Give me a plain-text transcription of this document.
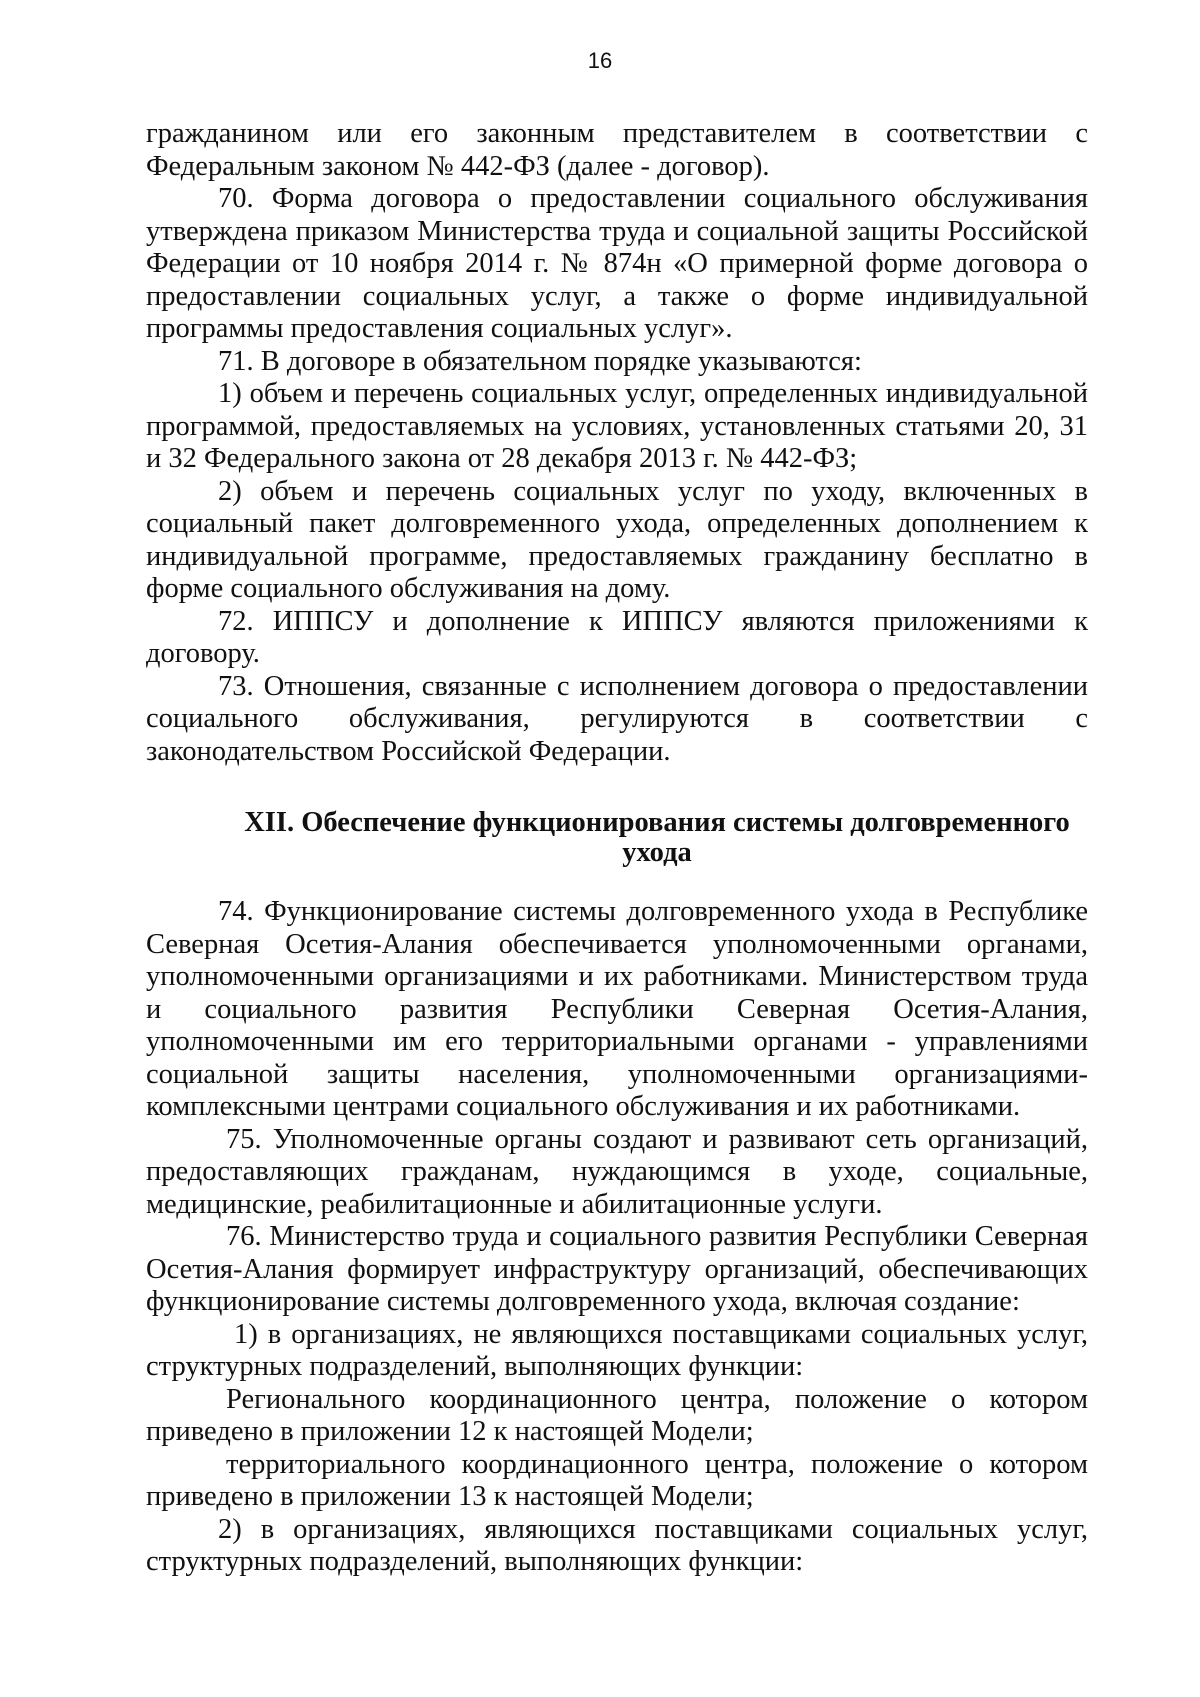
16

гражданином или его законным представителем в соответствии с Федеральным законом № 442-ФЗ (далее - договор).

70. Форма договора о предоставлении социального обслуживания утверждена приказом Министерства труда и социальной защиты Российской Федерации от 10 ноября 2014 г. № 874н «О примерной форме договора о предоставлении социальных услуг, а также о форме индивидуальной программы предоставления социальных услуг».

71. В договоре в обязательном порядке указываются:

1) объем и перечень социальных услуг, определенных индивидуальной программой, предоставляемых на условиях, установленных статьями 20, 31 и 32 Федерального закона от 28 декабря 2013 г. № 442-ФЗ;

2) объем и перечень социальных услуг по уходу, включенных в социальный пакет долговременного ухода, определенных дополнением к индивидуальной программе, предоставляемых гражданину бесплатно в форме социального обслуживания на дому.

72. ИППСУ и дополнение к ИППСУ являются приложениями к договору.

73. Отношения, связанные с исполнением договора о предоставлении социального обслуживания, регулируются в соответствии с законодательством Российской Федерации.

XII. Обеспечение функционирования системы долговременного ухода

74. Функционирование системы долговременного ухода в Республике Северная Осетия-Алания обеспечивается уполномоченными органами, уполномоченными организациями и их работниками. Министерством труда и социального развития Республики Северная Осетия-Алания, уполномоченными им его территориальными органами - управлениями социальной защиты населения, уполномоченными организациями-комплексными центрами социального обслуживания и их работниками.

75. Уполномоченные органы создают и развивают сеть организаций, предоставляющих гражданам, нуждающимся в уходе, социальные, медицинские, реабилитационные и абилитационные услуги.

76. Министерство труда и социального развития Республики Северная Осетия-Алания формирует инфраструктуру организаций, обеспечивающих функционирование системы долговременного ухода, включая создание:

1) в организациях, не являющихся поставщиками социальных услуг, структурных подразделений, выполняющих функции:

Регионального координационного центра, положение о котором приведено в приложении 12 к настоящей Модели;

территориального координационного центра, положение о котором приведено в приложении 13 к настоящей Модели;

2) в организациях, являющихся поставщиками социальных услуг, структурных подразделений, выполняющих функции:
